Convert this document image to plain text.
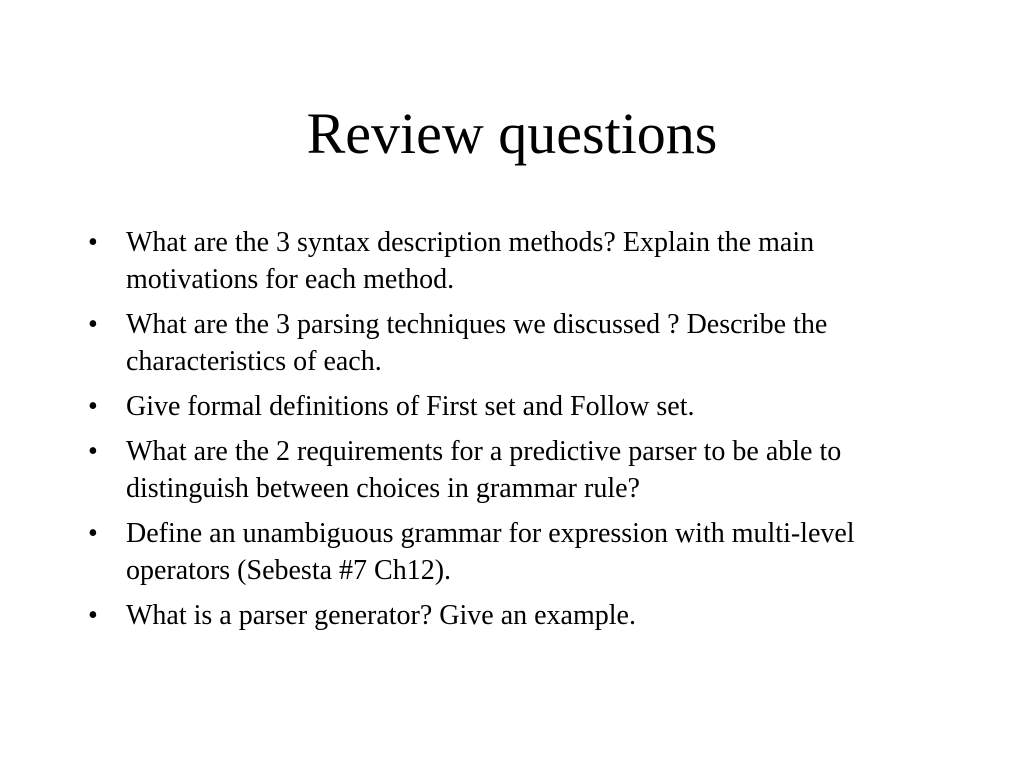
Review questions
•	What are the 3 syntax description methods? Explain the main motivations for each method.
•	What are the 3 parsing techniques we discussed ? Describe the characteristics of each.
•	Give formal definitions of First set and Follow set.
•	What are the 2 requirements for a predictive parser to be able to distinguish between choices in grammar rule?
•	Define an unambiguous grammar for expression with multi-level operators (Sebesta #7 Ch12).
•	What is a parser generator? Give an example.
